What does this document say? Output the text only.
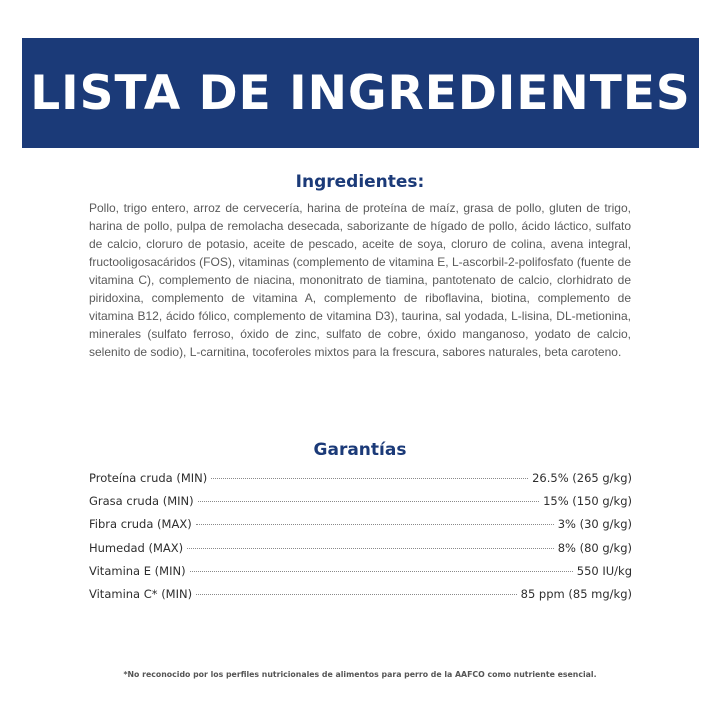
LISTA DE INGREDIENTES
Ingredientes:
Pollo, trigo entero, arroz de cervecería, harina de proteína de maíz, grasa de pollo, gluten de trigo, harina de pollo, pulpa de remolacha desecada, saborizante de hígado de pollo, ácido láctico, sulfato de calcio, cloruro de potasio, aceite de pescado, aceite de soya, cloruro de colina, avena integral, fructooligosacáridos (FOS), vitaminas (complemento de vitamina E, L-ascorbil-2-polifosfato (fuente de vitamina C), complemento de niacina, mononitrato de tiamina, pantotenato de calcio, clorhidrato de piridoxina, complemento de vitamina A, complemento de riboflavina, biotina, complemento de vitamina B12, ácido fólico, complemento de vitamina D3), taurina, sal yodada, L-lisina, DL-metionina, minerales (sulfato ferroso, óxido de zinc, sulfato de cobre, óxido manganoso, yodato de calcio, selenito de sodio), L-carnitina, tocoferoles mixtos para la frescura, sabores naturales, beta caroteno.
Garantías
Proteína cruda (MIN)	26.5% (265 g/kg)
Grasa cruda (MIN)	15% (150 g/kg)
Fibra cruda (MAX)	3% (30 g/kg)
Humedad (MAX)	8% (80 g/kg)
Vitamina E (MIN)	550 IU/kg
Vitamina C* (MIN)	85 ppm (85 mg/kg)
*No reconocido por los perfiles nutricionales de alimentos para perro de la AAFCO como nutriente esencial.
